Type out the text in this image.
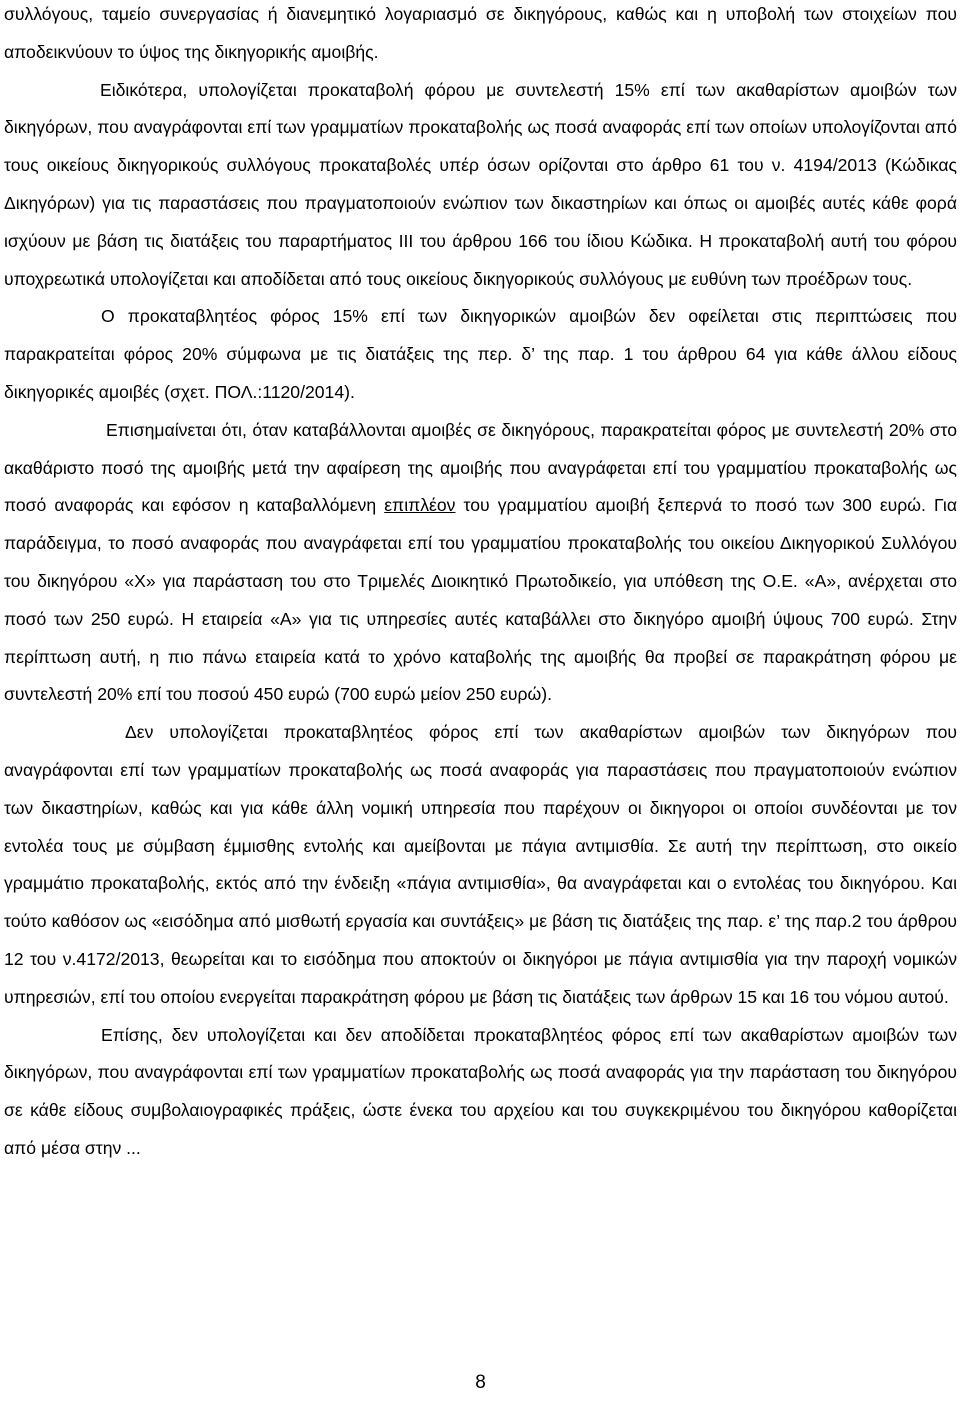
συλλόγους, ταμείο συνεργασίας ή διανεμητικό λογαριασμό σε δικηγόρους, καθώς και η υποβολή των στοιχείων που αποδεικνύουν το ύψος της δικηγορικής αμοιβής.

Ειδικότερα, υπολογίζεται προκαταβολή φόρου με συντελεστή 15% επί των ακαθαρίστων αμοιβών των δικηγόρων, που αναγράφονται επί των γραμματίων προκαταβολής ως ποσά αναφοράς επί των οποίων υπολογίζονται από τους οικείους δικηγορικούς συλλόγους προκαταβολές υπέρ όσων ορίζονται στο άρθρο 61 του ν. 4194/2013 (Κώδικας Δικηγόρων) για τις παραστάσεις που πραγματοποιούν ενώπιον των δικαστηρίων και όπως οι αμοιβές αυτές κάθε φορά ισχύουν με βάση τις διατάξεις του παραρτήματος ΙΙΙ του άρθρου 166 του ίδιου Κώδικα. Η προκαταβολή αυτή του φόρου υποχρεωτικά υπολογίζεται και αποδίδεται από τους οικείους δικηγορικούς συλλόγους με ευθύνη των προέδρων τους.

Ο προκαταβλητέος φόρος 15% επί των δικηγορικών αμοιβών δεν οφείλεται στις περιπτώσεις που παρακρατείται φόρος 20% σύμφωνα με τις διατάξεις της περ. δ’ της παρ. 1 του άρθρου 64 για κάθε άλλου είδους δικηγορικές αμοιβές (σχετ. ΠΟΛ.:1120/2014).

Επισημαίνεται ότι, όταν καταβάλλονται αμοιβές σε δικηγόρους, παρακρατείται φόρος με συντελεστή 20% στο ακαθάριστο ποσό της αμοιβής μετά την αφαίρεση της αμοιβής που αναγράφεται επί του γραμματίου προκαταβολής ως ποσό αναφοράς και εφόσον η καταβαλλόμενη επιπλέον του γραμματίου αμοιβή ξεπερνά το ποσό των 300 ευρώ. Για παράδειγμα, το ποσό αναφοράς που αναγράφεται επί του γραμματίου προκαταβολής του οικείου Δικηγορικού Συλλόγου του δικηγόρου «Χ» για παράσταση του στο Τριμελές Διοικητικό Πρωτοδικείο, για υπόθεση της Ο.Ε. «Α», ανέρχεται στο ποσό των 250 ευρώ. Η εταιρεία «Α» για τις υπηρεσίες αυτές καταβάλλει στο δικηγόρο αμοιβή ύψους 700 ευρώ. Στην περίπτωση αυτή, η πιο πάνω εταιρεία κατά το χρόνο καταβολής της αμοιβής θα προβεί σε παρακράτηση φόρου με συντελεστή 20% επί του ποσού 450 ευρώ (700 ευρώ μείον 250 ευρώ).

Δεν υπολογίζεται προκαταβλητέος φόρος επί των ακαθαρίστων αμοιβών των δικηγόρων που αναγράφονται επί των γραμματίων προκαταβολής ως ποσά αναφοράς για παραστάσεις που πραγματοποιούν ενώπιον των δικαστηρίων, καθώς και για κάθε άλλη νομική υπηρεσία που παρέχουν οι δικηγοροι οι οποίοι συνδέονται με τον εντολέα τους με σύμβαση έμμισθης εντολής και αμείβονται με πάγια αντιμισθία. Σε αυτή την περίπτωση, στο οικείο γραμμάτιο προκαταβολής, εκτός από την ένδειξη «πάγια αντιμισθία», θα αναγράφεται και ο εντολέας του δικηγόρου. Και τούτο καθόσον ως «εισόδημα από μισθωτή εργασία και συντάξεις» με βάση τις διατάξεις της παρ. ε’ της παρ.2 του άρθρου 12 του ν.4172/2013, θεωρείται και το εισόδημα που αποκτούν οι δικηγόροι με πάγια αντιμισθία για την παροχή νομικών υπηρεσιών, επί του οποίου ενεργείται παρακράτηση φόρου με βάση τις διατάξεις των άρθρων 15 και 16 του νόμου αυτού.

Επίσης, δεν υπολογίζεται και δεν αποδίδεται προκαταβλητέος φόρος επί των ακαθαρίστων αμοιβών των δικηγόρων, που αναγράφονται επί των γραμματίων προκαταβολής ως ποσά αναφοράς για την παράσταση του δικηγόρου σε κάθε είδους συμβολαιογραφικές πράξεις, ώστε ένεκα του αρχείου και του συγκεκριμένου του δικηγόρου καθορίζεται από μέσα στην ...

8
